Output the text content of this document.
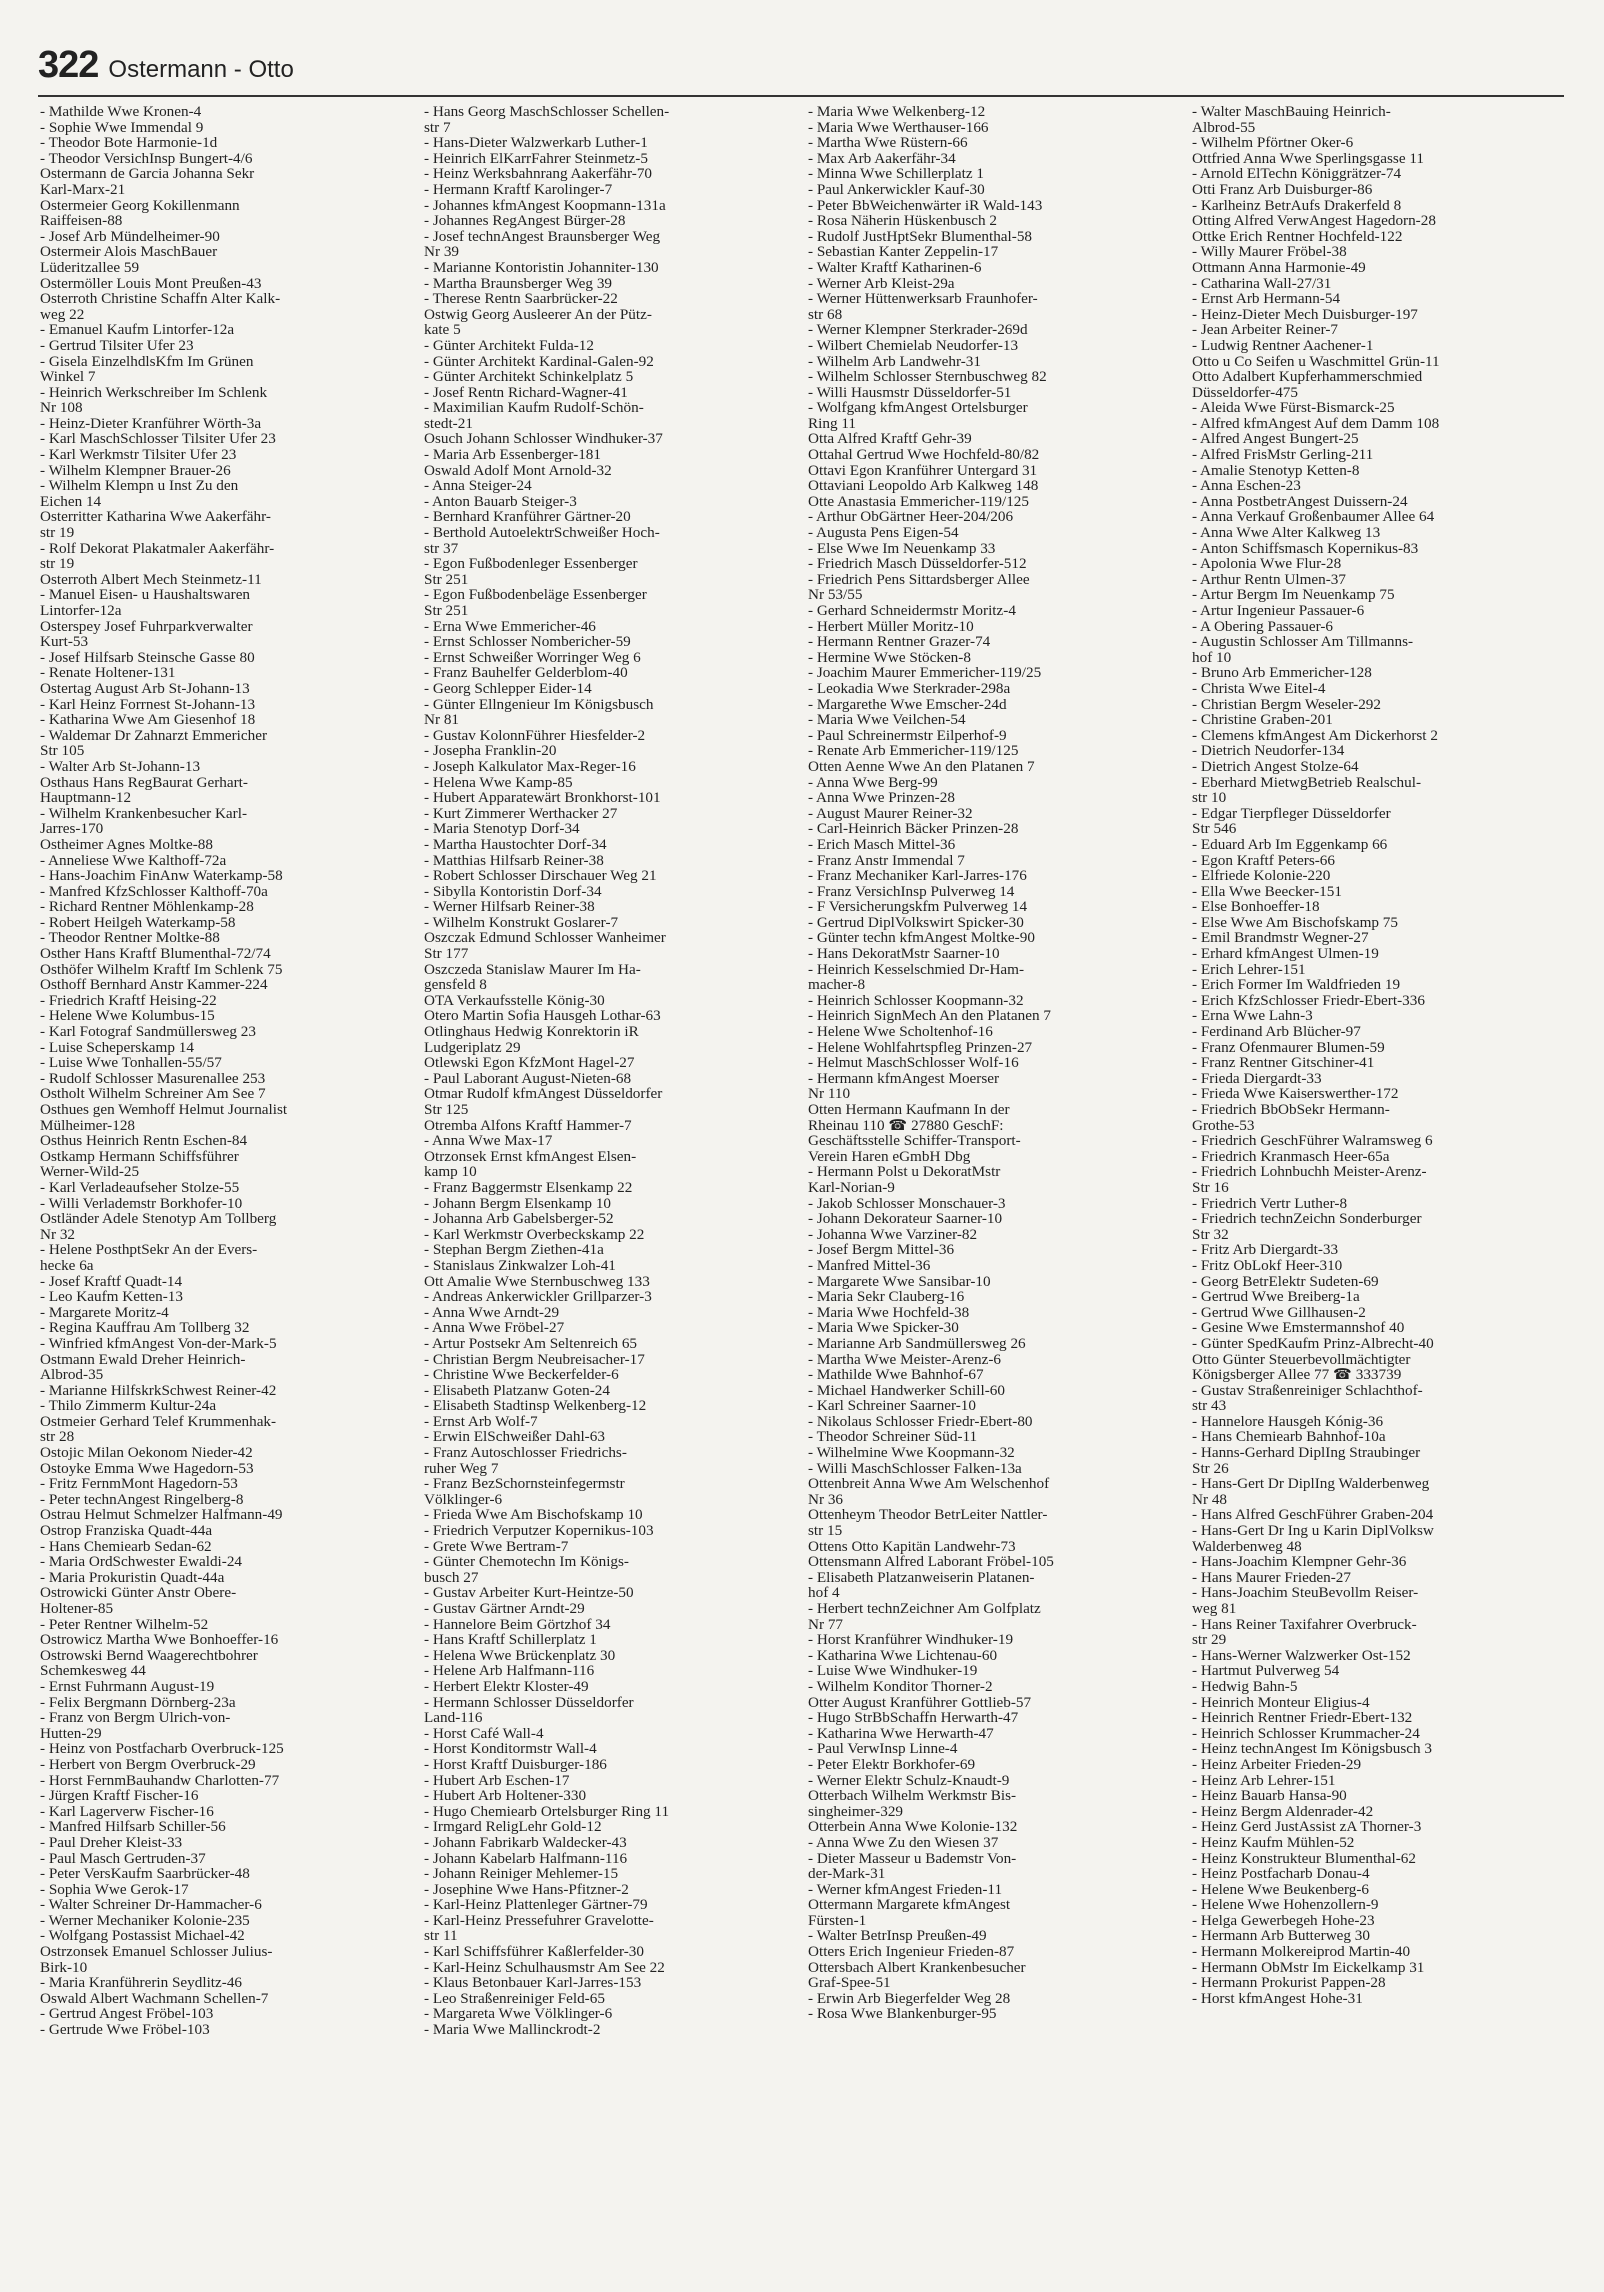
322 Ostermann - Otto
- Mathilde Wwe Kronen-4
- Sophie Wwe Immendal 9
- Theodor Bote Harmonie-1d
- Theodor VersichInsp Bungert-4/6
Ostermann de Garcia Johanna Sekr
Karl-Marx-21
Ostermeier Georg Kokillenmann
Raiffeisen-88
- Josef Arb Mündelheimer-90
Ostermeir Alois MaschBauer
Lüderitzallee 59
Ostermöller Louis Mont Preußen-43
Osterroth Christine Schaffn Alter Kalk-
weg 22
- Emanuel Kaufm Lintorfer-12a
- Gertrud Tilsiter Ufer 23
- Gisela EinzelhdlsKfm Im Grünen
Winkel 7
- Heinrich Werkschreiber Im Schlenk
Nr 108
- Heinz-Dieter Kranführer Wörth-3a
- Karl MaschSchlosser Tilsiter Ufer 23
- Karl Werkmstr Tilsiter Ufer 23
- Wilhelm Klempner Brauer-26
- Wilhelm Klempn u Inst Zu den
Eichen 14
Osterritter Katharina Wwe Aakerfähr-
str 19
- Rolf Dekorat Plakatmaler Aakerfähr-
str 19
Osterroth Albert Mech Steinmetz-11
- Manuel Eisen- u Haushaltswaren
Lintorfer-12a
Osterspey Josef Fuhrparkverwalter
Kurt-53
- Josef Hilfsarb Steinsche Gasse 80
- Renate Holtener-131
Ostertag August Arb St-Johann-13
- Karl Heinz Forrnest St-Johann-13
- Katharina Wwe Am Giesenhof 18
- Waldemar Dr Zahnarzt Emmericher
Str 105
- Walter Arb St-Johann-13
Osthaus Hans RegBaurat Gerhart-
Hauptmann-12
- Wilhelm Krankenbesucher Karl-
Jarres-170
Ostheimer Agnes Moltke-88
- Anneliese Wwe Kalthoff-72a
- Hans-Joachim FinAnw Waterkamp-58
- Manfred KfzSchlosser Kalthoff-70a
- Richard Rentner Möhlenkamp-28
- Robert Heilgeh Waterkamp-58
- Theodor Rentner Moltke-88
Osther Hans Kraftf Blumenthal-72/74
Osthöfer Wilhelm Kraftf Im Schlenk 75
Osthoff Bernhard Anstr Kammer-224
- Friedrich Kraftf Heising-22
- Helene Wwe Kolumbus-15
- Karl Fotograf Sandmüllersweg 23
- Luise Scheperskamp 14
- Luise Wwe Tonhallen-55/57
- Rudolf Schlosser Masurenallee 253
Ostholt Wilhelm Schreiner Am See 7
Osthues gen Wemhoff Helmut Journalist
Mülheimer-128
Osthus Heinrich Rentn Eschen-84
Ostkamp Hermann Schiffsführer
Werner-Wild-25
- Karl Verladeaufseher Stolze-55
- Willi Verlademstr Borkhofer-10
Ostländer Adele Stenotyp Am Tollberg
Nr 32
- Helene PosthptSekr An der Evers-
hecke 6a
- Josef Kraftf Quadt-14
- Leo Kaufm Ketten-13
- Margarete Moritz-4
- Regina Kauffrau Am Tollberg 32
- Winfried kfmAngest Von-der-Mark-5
Ostmann Ewald Dreher Heinrich-
Albrod-35
- Marianne HilfskrkSchwest Reiner-42
- Thilo Zimmerm Kultur-24a
Ostmeier Gerhard Telef Krummenhak-
str 28
Ostojic Milan Oekonom Nieder-42
Ostoyke Emma Wwe Hagedorn-53
- Fritz FernmMont Hagedorn-53
- Peter technAngest Ringelberg-8
Ostrau Helmut Schmelzer Halfmann-49
Ostrop Franziska Quadt-44a
- Hans Chemiearb Sedan-62
- Maria OrdSchwester Ewaldi-24
- Maria Prokuristin Quadt-44a
Ostrowicki Günter Anstr Obere-
Holtener-85
- Peter Rentner Wilhelm-52
Ostrowicz Martha Wwe Bonhoeffer-16
Ostrowski Bernd Waagerechtbohrer
Schemkesweg 44
- Ernst Fuhrmann August-19
- Felix Bergmann Dörnberg-23a
- Franz von Bergm Ulrich-von-
Hutten-29
- Heinz von Postfacharb Overbruck-125
- Herbert von Bergm Overbruck-29
- Horst FernmBauhandw Charlotten-77
- Jürgen Kraftf Fischer-16
- Karl Lagerverw Fischer-16
- Manfred Hilfsarb Schiller-56
- Paul Dreher Kleist-33
- Paul Masch Gertruden-37
- Peter VersKaufm Saarbrücker-48
- Sophia Wwe Gerok-17
- Walter Schreiner Dr-Hammacher-6
- Werner Mechaniker Kolonie-235
- Wolfgang Postassist Michael-42
Ostrzonsek Emanuel Schlosser Julius-
Birk-10
- Maria Kranführerin Seydlitz-46
Oswald Albert Wachmann Schellen-7
- Gertrud Angest Fröbel-103
- Gertrude Wwe Fröbel-103
- Hans Georg MaschSchlosser Schellen-
str 7
- Hans-Dieter Walzwerkarb Luther-1
- Heinrich ElKarrFahrer Steinmetz-5
- Heinz Werksbahnrang Aakerfähr-70
- Hermann Kraftf Karolinger-7
- Johannes kfmAngest Koopmann-131a
- Johannes RegAngest Bürger-28
- Josef technAngest Braunsberger Weg
Nr 39
- Marianne Kontoristin Johanniter-130
- Martha Braunsberger Weg 39
- Therese Rentn Saarbrücker-22
Ostwig Georg Ausleerer An der Pütz-
kate 5
- Günter Architekt Fulda-12
- Günter Architekt Kardinal-Galen-92
- Günter Architekt Schinkelplatz 5
- Josef Rentn Richard-Wagner-41
- Maximilian Kaufm Rudolf-Schön-
stedt-21
Osuch Johann Schlosser Windhuker-37
- Maria Arb Essenberger-181
Oswald Adolf Mont Arnold-32
- Anna Steiger-24
- Anton Bauarb Steiger-3
- Bernhard Kranführer Gärtner-20
- Berthold AutoelektrSchweißer Hoch-
str 37
- Egon Fußbodenleger Essenberger
Str 251
- Egon Fußbodenbeläge Essenberger
Str 251
- Erna Wwe Emmericher-46
- Ernst Schlosser Nombericher-59
- Ernst Schweißer Worringer Weg 6
- Franz Bauhelfer Gelderblom-40
- Georg Schlepper Eider-14
- Günter Ellngenieur Im Königsbusch
Nr 81
- Gustav KolonnFührer Hiesfelder-2
- Josepha Franklin-20
- Joseph Kalkulator Max-Reger-16
- Helena Wwe Kamp-85
- Hubert Apparatewärt Bronkhorst-101
- Kurt Zimmerer Werthacker 27
- Maria Stenotyp Dorf-34
- Martha Haustochter Dorf-34
- Matthias Hilfsarb Reiner-38
- Robert Schlosser Dirschauer Weg 21
- Sibylla Kontoristin Dorf-34
- Werner Hilfsarb Reiner-38
- Wilhelm Konstrukt Goslarer-7
Oszczak Edmund Schlosser Wanheimer
Str 177
Oszczeda Stanislaw Maurer Im Ha-
gensfeld 8
OTA Verkaufsstelle König-30
Otero Martin Sofia Hausgeh Lothar-63
Otlinghaus Hedwig Konrektorin iR
Ludgeriplatz 29
Otlewski Egon KfzMont Hagel-27
- Paul Laborant August-Nieten-68
Otmar Rudolf kfmAngest Düsseldorfer
Str 125
Otremba Alfons Kraftf Hammer-7
- Anna Wwe Max-17
Otrzonsek Ernst kfmAngest Elsen-
kamp 10
- Franz Baggermstr Elsenkamp 22
- Johann Bergm Elsenkamp 10
- Johanna Arb Gabelsberger-52
- Karl Werkmstr Overbeckskamp 22
- Stephan Bergm Ziethen-41a
- Stanislaus Zinkwalzer Loh-41
Ott Amalie Wwe Sternbuschweg 133
- Andreas Ankerwickler Grillparzer-3
- Anna Wwe Arndt-29
- Anna Wwe Fröbel-27
- Artur Postsekr Am Seltenreich 65
- Christian Bergm Neubreisacher-17
- Christine Wwe Beckerfelder-6
- Elisabeth Platzanw Goten-24
- Elisabeth Stadtinsp Welkenberg-12
- Ernst Arb Wolf-7
- Erwin ElSchweißer Dahl-63
- Franz Autoschlosser Friedrichs-
ruher Weg 7
- Franz BezSchornsteinfegermstr
Völklinger-6
- Frieda Wwe Am Bischofskamp 10
- Friedrich Verputzer Kopernikus-103
- Grete Wwe Bertram-7
- Günter Chemotechn Im Königs-
busch 27
- Gustav Arbeiter Kurt-Heintze-50
- Gustav Gärtner Arndt-29
- Hannelore Beim Görtzhof 34
- Hans Kraftf Schillerplatz 1
- Helena Wwe Brückenplatz 30
- Helene Arb Halfmann-116
- Herbert Elektr Kloster-49
- Hermann Schlosser Düsseldorfer
Land-116
- Horst Café Wall-4
- Horst Konditormstr Wall-4
- Horst Kraftf Duisburger-186
- Hubert Arb Eschen-17
- Hubert Arb Holtener-330
- Hugo Chemiearb Ortelsburger Ring 11
- Irmgard ReligLehr Gold-12
- Johann Fabrikarb Waldecker-43
- Johann Kabelarb Halfmann-116
- Johann Reiniger Mehlemer-15
- Josephine Wwe Hans-Pfitzner-2
- Karl-Heinz Plattenleger Gärtner-79
- Karl-Heinz Pressefuhrer Gravelotte-
str 11
- Karl Schiffsführer Kaßlerfelder-30
- Karl-Heinz Schulhausmstr Am See 22
- Klaus Betonbauer Karl-Jarres-153
- Leo Straßenreiniger Feld-65
- Margareta Wwe Völklinger-6
- Maria Wwe Mallinckrodt-2
- Maria Wwe Welkenberg-12
- Maria Wwe Werthauser-166
- Martha Wwe Rüstern-66
- Max Arb Aakerfähr-34
- Minna Wwe Schillerplatz 1
- Paul Ankerwickler Kauf-30
- Peter BbWeichenwärter iR Wald-143
- Rosa Näherin Hüskenbusch 2
- Rudolf JustHptSekr Blumenthal-58
- Sebastian Kanter Zeppelin-17
- Walter Kraftf Katharinen-6
- Werner Arb Kleist-29a
- Werner Hüttenwerksarb Fraunhofer-
str 68
- Werner Klempner Sterkrader-269d
- Wilbert Chemielab Neudorfer-13
- Wilhelm Arb Landwehr-31
- Wilhelm Schlosser Sternbuschweg 82
- Willi Hausmstr Düsseldorfer-51
- Wolfgang kfmAngest Ortelsburger
Ring 11
Otta Alfred Kraftf Gehr-39
Ottahal Gertrud Wwe Hochfeld-80/82
Ottavi Egon Kranführer Untergard 31
Ottaviani Leopoldo Arb Kalkweg 148
Otte Anastasia Emmericher-119/125
- Arthur ObGärtner Heer-204/206
- Augusta Pens Eigen-54
- Else Wwe Im Neuenkamp 33
- Friedrich Masch Düsseldorfer-512
- Friedrich Pens Sittardsberger Allee
Nr 53/55
- Gerhard Schneidermstr Moritz-4
- Herbert Müller Moritz-10
- Hermann Rentner Grazer-74
- Hermine Wwe Stöcken-8
- Joachim Maurer Emmericher-119/25
- Leokadia Wwe Sterkrader-298a
- Margarethe Wwe Emscher-24d
- Maria Wwe Veilchen-54
- Paul Schreinermstr Eilperhof-9
- Renate Arb Emmericher-119/125
Otten Aenne Wwe An den Platanen 7
- Anna Wwe Berg-99
- Anna Wwe Prinzen-28
- August Maurer Reiner-32
- Carl-Heinrich Bäcker Prinzen-28
- Erich Masch Mittel-36
- Franz Anstr Immendal 7
- Franz Mechaniker Karl-Jarres-176
- Franz VersichInsp Pulverweg 14
- F Versicherungskfm Pulverweg 14
- Gertrud DiplVolkswirt Spicker-30
- Günter techn kfmAngest Moltke-90
- Hans DekoratMstr Saarner-10
- Heinrich Kesselschmied Dr-Ham-
macher-8
- Heinrich Schlosser Koopmann-32
- Heinrich SignMech An den Platanen 7
- Helene Wwe Scholtenhof-16
- Helene Wohlfahrtspfleg Prinzen-27
- Helmut MaschSchlosser Wolf-16
- Hermann kfmAngest Moerser
Nr 110
Otten Hermann Kaufmann In der
Rheinau 110 ☎ 27880 GeschF:
Geschäftsstelle Schiffer-Transport-
Verein Haren eGmbH Dbg
- Hermann Polst u DekoratMstr
Karl-Norian-9
- Jakob Schlosser Monschauer-3
- Johann Dekorateur Saarner-10
- Johanna Wwe Varziner-82
- Josef Bergm Mittel-36
- Manfred Mittel-36
- Margarete Wwe Sansibar-10
- Maria Sekr Clauberg-16
- Maria Wwe Hochfeld-38
- Maria Wwe Spicker-30
- Marianne Arb Sandmüllersweg 26
- Martha Wwe Meister-Arenz-6
- Mathilde Wwe Bahnhof-67
- Michael Handwerker Schill-60
- Karl Schreiner Saarner-10
- Nikolaus Schlosser Friedr-Ebert-80
- Theodor Schreiner Süd-11
- Wilhelmine Wwe Koopmann-32
- Willi MaschSchlosser Falken-13a
Ottenbreit Anna Wwe Am Welschenhof
Nr 36
Ottenheym Theodor BetrLeiter Nattler-
str 15
Ottens Otto Kapitän Landwehr-73
Ottensmann Alfred Laborant Fröbel-105
- Elisabeth Platzanweiserin Platanen-
hof 4
- Herbert technZeichner Am Golfplatz
Nr 77
- Horst Kranführer Windhuker-19
- Katharina Wwe Lichtenau-60
- Luise Wwe Windhuker-19
- Wilhelm Konditor Thorner-2
Otter August Kranführer Gottlieb-57
- Hugo StrBbSchaffn Herwarth-47
- Katharina Wwe Herwarth-47
- Paul VerwInsp Linne-4
- Peter Elektr Borkhofer-69
- Werner Elektr Schulz-Knaudt-9
Otterbach Wilhelm Werkmstr Bis-
singheimer-329
Otterbein Anna Wwe Kolonie-132
- Anna Wwe Zu den Wiesen 37
- Dieter Masseur u Bademstr Von-
der-Mark-31
- Werner kfmAngest Frieden-11
Ottermann Margarete kfmAngest
Fürsten-1
- Walter BetrInsp Preußen-49
Otters Erich Ingenieur Frieden-87
Ottersbach Albert Krankenbesucher
Graf-Spee-51
- Erwin Arb Biegerfelder Weg 28
- Rosa Wwe Blankenburger-95
- Walter MaschBauing Heinrich-
Albrod-55
- Wilhelm Pförtner Oker-6
Ottfried Anna Wwe Sperlingsgasse 11
- Arnold ElTechn Königgrätzer-74
Otti Franz Arb Duisburger-86
- Karlheinz BetrAufs Drakerfeld 8
Otting Alfred VerwAngest Hagedorn-28
Ottke Erich Rentner Hochfeld-122
- Willy Maurer Fröbel-38
Ottmann Anna Harmonie-49
- Catharina Wall-27/31
- Ernst Arb Hermann-54
- Heinz-Dieter Mech Duisburger-197
- Jean Arbeiter Reiner-7
- Ludwig Rentner Aachener-1
Otto u Co Seifen u Waschmittel Grün-11
Otto Adalbert Kupferhammerschmied
Düsseldorfer-475
- Aleida Wwe Fürst-Bismarck-25
- Alfred kfmAngest Auf dem Damm 108
- Alfred Angest Bungert-25
- Alfred FrisMstr Gerling-211
- Amalie Stenotyp Ketten-8
- Anna Eschen-23
- Anna PostbetrAngest Duissern-24
- Anna Verkauf Großenbaumer Allee 64
- Anna Wwe Alter Kalkweg 13
- Anton Schiffsmasch Kopernikus-83
- Apolonia Wwe Flur-28
- Arthur Rentn Ulmen-37
- Artur Bergm Im Neuenkamp 75
- Artur Ingenieur Passauer-6
- A Obering Passauer-6
- Augustin Schlosser Am Tillmanns-
hof 10
- Bruno Arb Emmericher-128
- Christa Wwe Eitel-4
- Christian Bergm Weseler-292
- Christine Graben-201
- Clemens kfmAngest Am Dickerhorst 2
- Dietrich Neudorfer-134
- Dietrich Angest Stolze-64
- Eberhard MietwgBetrieb Realschul-
str 10
- Edgar Tierpfleger Düsseldorfer
Str 546
- Eduard Arb Im Eggenkamp 66
- Egon Kraftf Peters-66
- Elfriede Kolonie-220
- Ella Wwe Beecker-151
- Else Bonhoeffer-18
- Else Wwe Am Bischofskamp 75
- Emil Brandmstr Wegner-27
- Erhard kfmAngest Ulmen-19
- Erich Lehrer-151
- Erich Former Im Waldfrieden 19
- Erich KfzSchlosser Friedr-Ebert-336
- Erna Wwe Lahn-3
- Ferdinand Arb Blücher-97
- Franz Ofenmaurer Blumen-59
- Franz Rentner Gitschiner-41
- Frieda Diergardt-33
- Frieda Wwe Kaiserswerther-172
- Friedrich BbObSekr Hermann-
Grothe-53
- Friedrich GeschFührer Walramsweg 6
- Friedrich Kranmasch Heer-65a
- Friedrich Lohnbuchh Meister-Arenz-
Str 16
- Friedrich Vertr Luther-8
- Friedrich technZeichn Sonderburger
Str 32
- Fritz Arb Diergardt-33
- Fritz ObLokf Heer-310
- Georg BetrElektr Sudeten-69
- Gertrud Wwe Breiberg-1a
- Gertrud Wwe Gillhausen-2
- Gesine Wwe Emstermannshof 40
- Günter SpedKaufm Prinz-Albrecht-40
Otto Günter Steuerbevollmächtigter
Königsberger Allee 77 ☎ 333739
- Gustav Straßenreiniger Schlachthof-
str 43
- Hannelore Hausgeh Kónig-36
- Hans Chemiearb Bahnhof-10a
- Hanns-Gerhard DiplIng Straubinger
Str 26
- Hans-Gert Dr DiplIng Walderbenweg
Nr 48
- Hans Alfred GeschFührer Graben-204
- Hans-Gert Dr Ing u Karin DiplVolksw
Walderbenweg 48
- Hans-Joachim Klempner Gehr-36
- Hans Maurer Frieden-27
- Hans-Joachim SteuBevollm Reiser-
weg 81
- Hans Reiner Taxifahrer Overbruck-
str 29
- Hans-Werner Walzwerker Ost-152
- Hartmut Pulverweg 54
- Hedwig Bahn-5
- Heinrich Monteur Eligius-4
- Heinrich Rentner Friedr-Ebert-132
- Heinrich Schlosser Krummacher-24
- Heinz technAngest Im Königsbusch 3
- Heinz Arbeiter Frieden-29
- Heinz Arb Lehrer-151
- Heinz Bauarb Hansa-90
- Heinz Bergm Aldenrader-42
- Heinz Gerd JustAssist zA Thorner-3
- Heinz Kaufm Mühlen-52
- Heinz Konstrukteur Blumenthal-62
- Heinz Postfacharb Donau-4
- Helene Wwe Beukenberg-6
- Helene Wwe Hohenzollern-9
- Helga Gewerbegeh Hohe-23
- Hermann Arb Butterweg 30
- Hermann Molkereiprod Martin-40
- Hermann ObMstr Im Eickelkamp 31
- Hermann Prokurist Pappen-28
- Horst kfmAngest Hohe-31
